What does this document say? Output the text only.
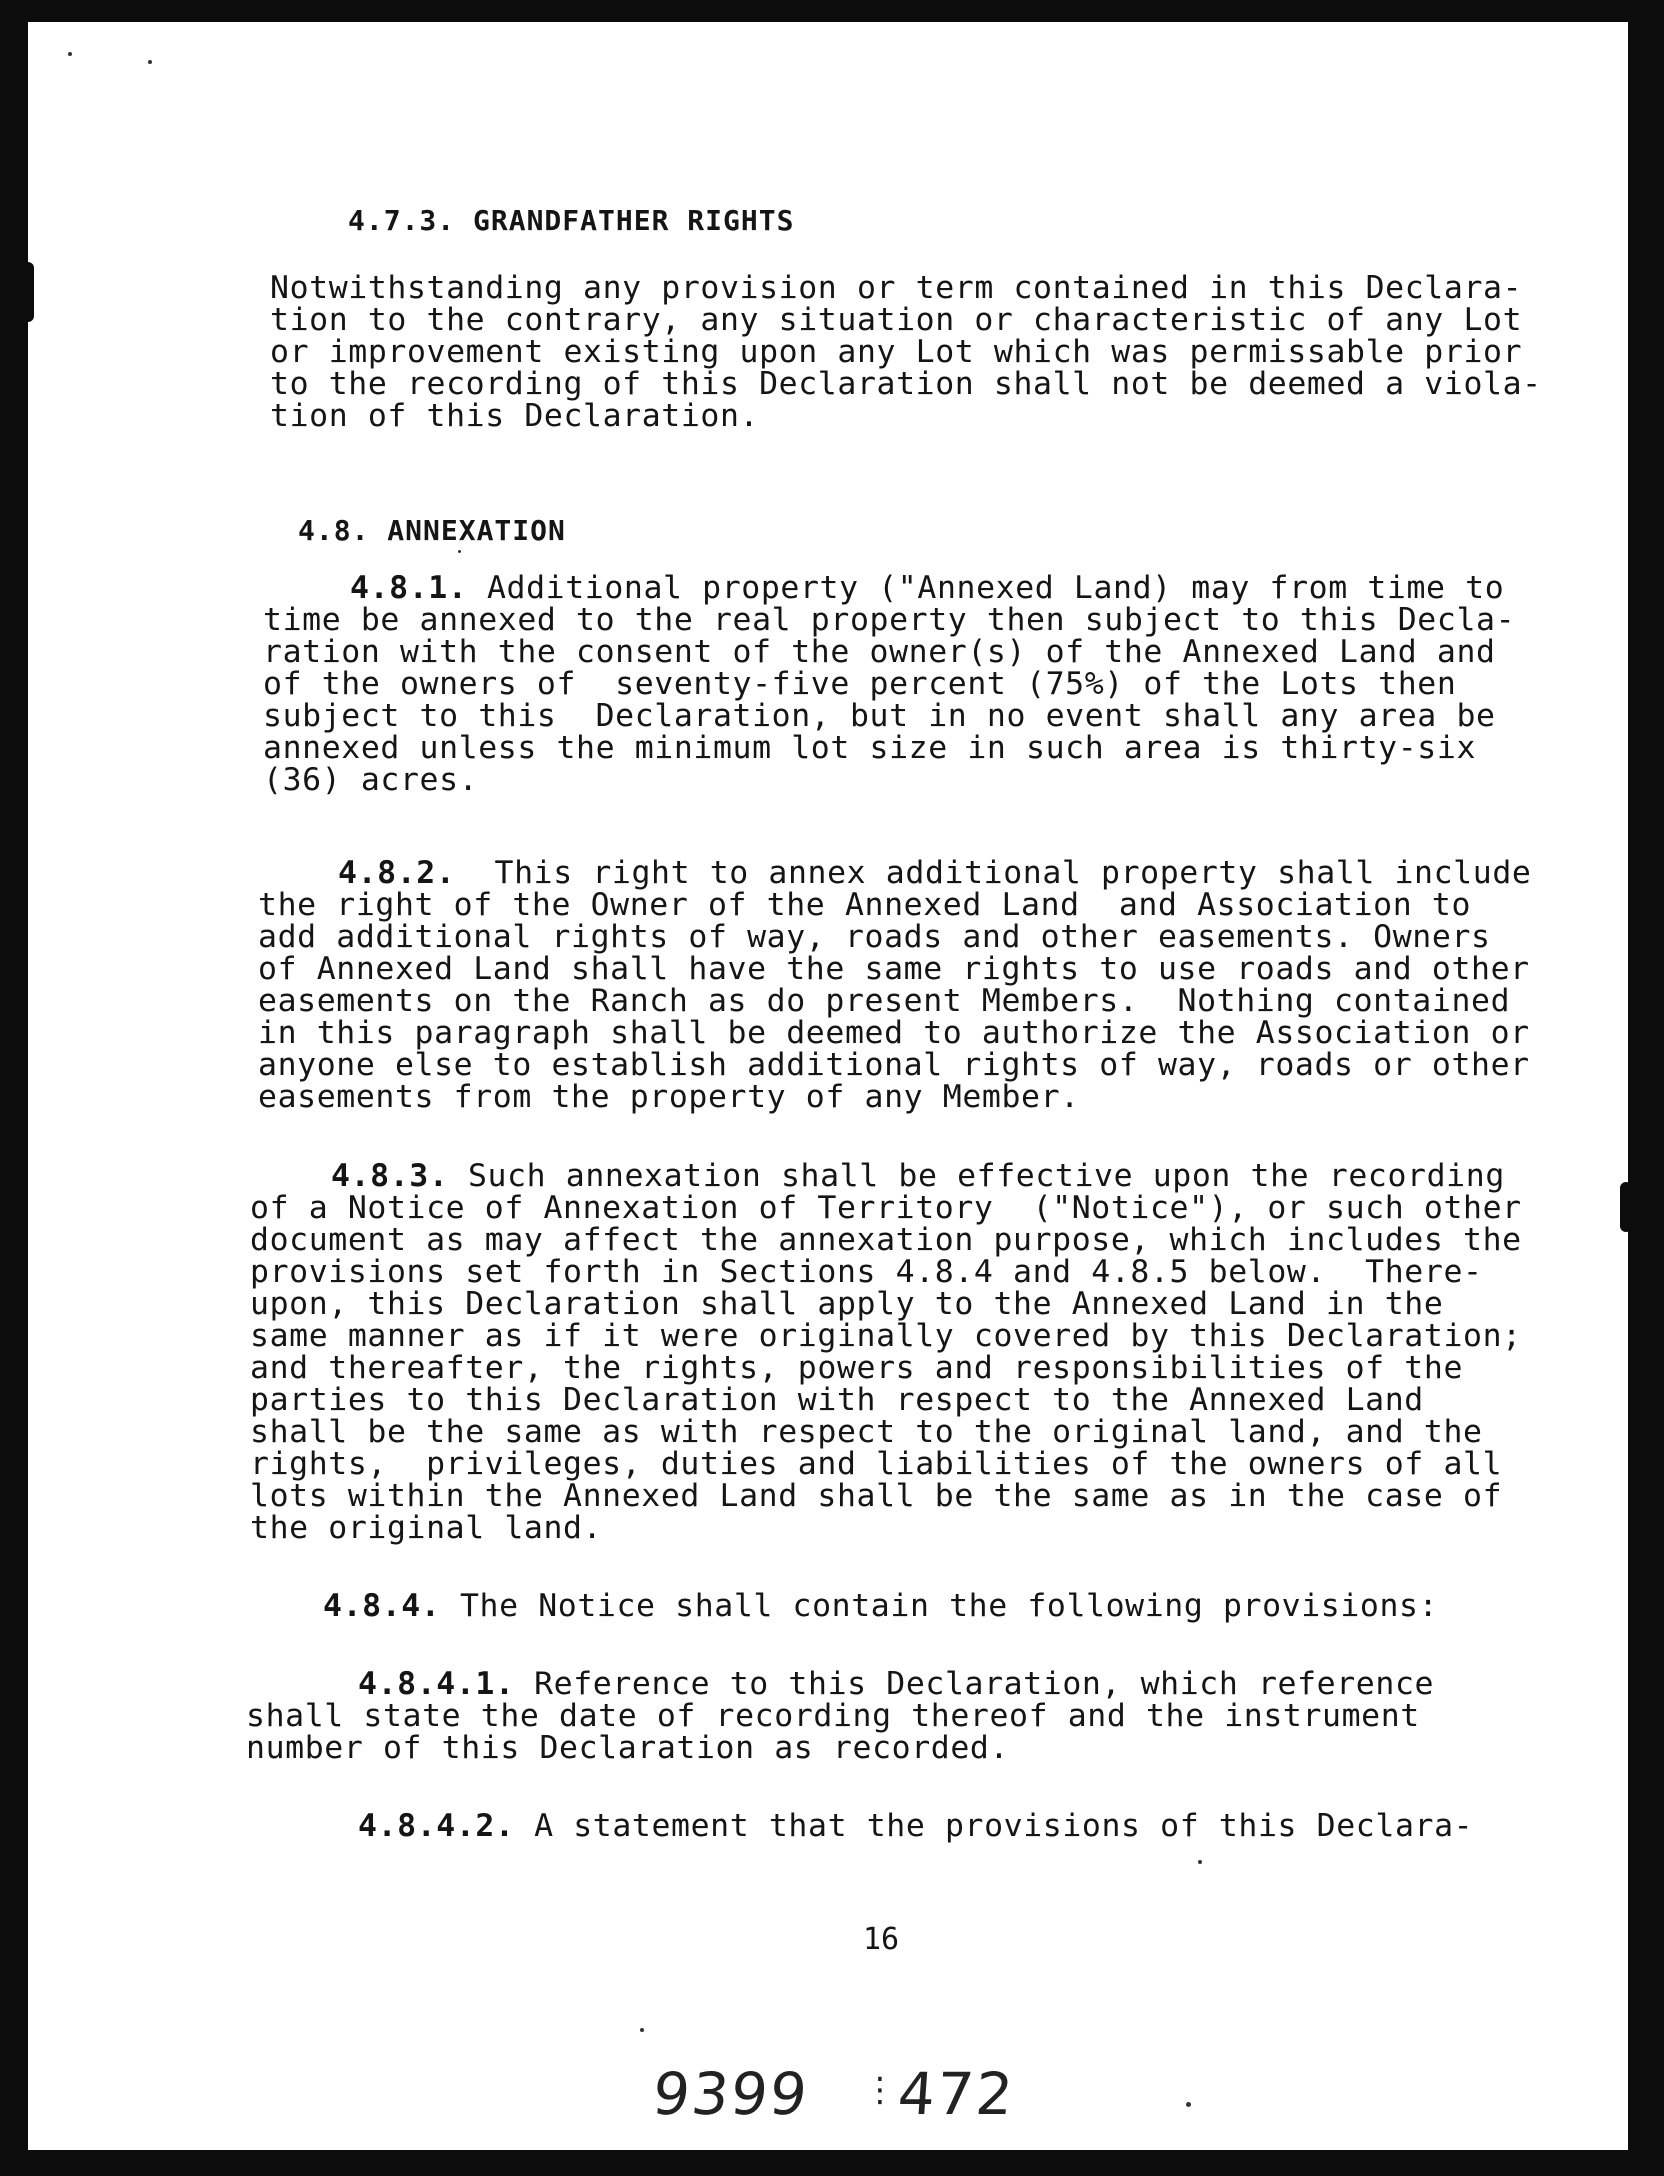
4.7.3. GRANDFATHER RIGHTS
Notwithstanding any provision or term contained in this Declara-
tion to the contrary, any situation or characteristic of any Lot
or improvement existing upon any Lot which was permissable prior
to the recording of this Declaration shall not be deemed a viola-
tion of this Declaration.
4.8. ANNEXATION
4.8.1. Additional property ("Annexed Land) may from time to
time be annexed to the real property then subject to this Decla-
ration with the consent of the owner(s) of the Annexed Land and
of the owners of  seventy-five percent (75%) of the Lots then
subject to this  Declaration, but in no event shall any area be
annexed unless the minimum lot size in such area is thirty-six
(36) acres.
4.8.2.  This right to annex additional property shall include
the right of the Owner of the Annexed Land  and Association to
add additional rights of way, roads and other easements. Owners
of Annexed Land shall have the same rights to use roads and other
easements on the Ranch as do present Members.  Nothing contained
in this paragraph shall be deemed to authorize the Association or
anyone else to establish additional rights of way, roads or other
easements from the property of any Member.
4.8.3. Such annexation shall be effective upon the recording
of a Notice of Annexation of Territory  ("Notice"), or such other
document as may affect the annexation purpose, which includes the
provisions set forth in Sections 4.8.4 and 4.8.5 below.  There-
upon, this Declaration shall apply to the Annexed Land in the
same manner as if it were originally covered by this Declaration;
and thereafter, the rights, powers and responsibilities of the
parties to this Declaration with respect to the Annexed Land
shall be the same as with respect to the original land, and the
rights,  privileges, duties and liabilities of the owners of all
lots within the Annexed Land shall be the same as in the case of
the original land.
4.8.4. The Notice shall contain the following provisions:
4.8.4.1. Reference to this Declaration, which reference
shall state the date of recording thereof and the instrument
number of this Declaration as recorded.
4.8.4.2. A statement that the provisions of this Declara-
16
9399 ⋮
472
